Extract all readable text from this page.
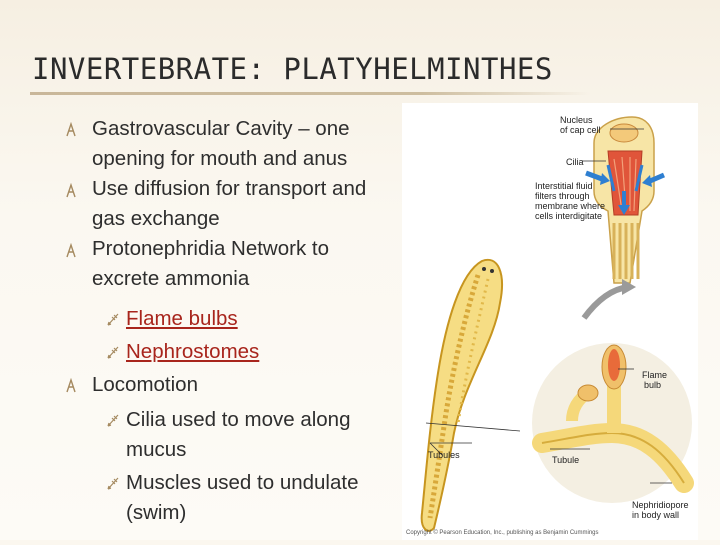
INVERTEBRATE: PLATYHELMINTHES
Gastrovascular Cavity – one
opening for mouth and anus
Use diffusion for transport and
gas exchange
Protonephridia Network to
excrete ammonia
Flame bulbs
Nephrostomes
Locomotion
Cilia used to move along
mucus
Muscles used to undulate
(swim)
Nucleus
of cap cell
Cilia
Interstitial fluid
filters through
membrane where
cells interdigitate
Flame
bulb
Tubules	Tubule
Nephridiopore
in body wall
Copyright © Pearson Education, Inc., publishing as Benjamin Cummings
